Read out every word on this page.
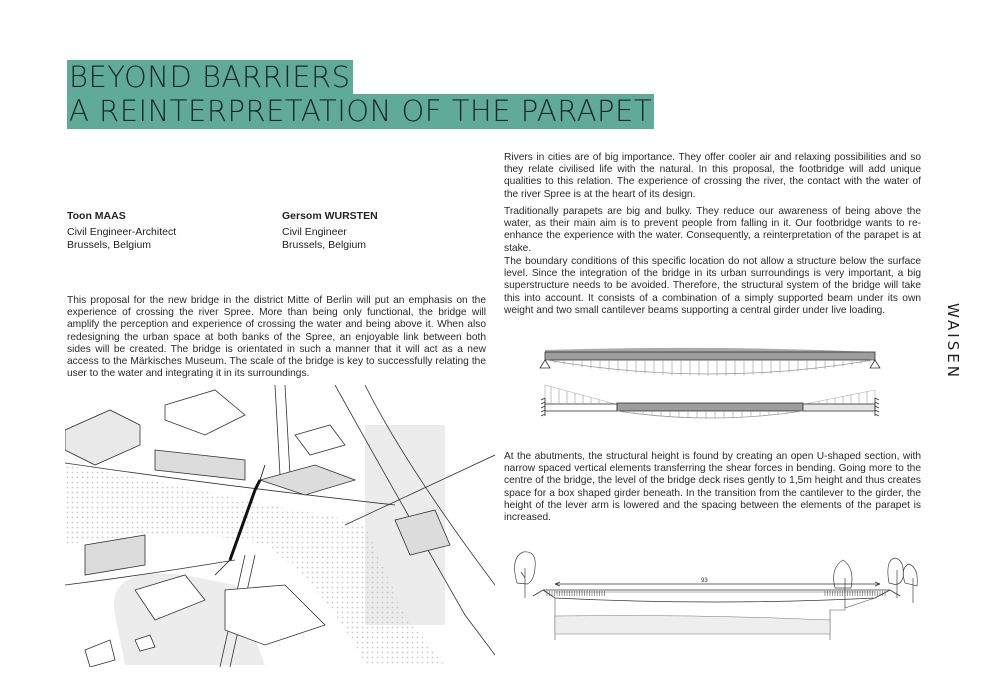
BEYOND BARRIERS
A REINTERPRETATION OF THE PARAPET
Toon MAAS
Civil Engineer-Architect
Brussels, Belgium
Gersom WURSTEN
Civil Engineer
Brussels, Belgium

This proposal for the new bridge in the district Mitte of Berlin will put an emphasis on the experience of crossing the river Spree. More than being only functional, the bridge will amplify the perception and experience of crossing the water and being above it. When also redesigning the urban space at both banks of the Spree, an enjoyable link between both sides will be created. The bridge is orientated in such a manner that it will act as a new access to the Märkisches Museum. The scale of the bridge is key to successfully relating the user to the water and integrating it in its surroundings.

Rivers in cities are of big importance. They offer cooler air and relaxing possibilities and so they relate civilised life with the natural. In this proposal, the footbridge will add unique qualities to this relation. The experience of crossing the river, the contact with the water of the river Spree is at the heart of its design.

Traditionally parapets are big and bulky. They reduce our awareness of being above the water, as their main aim is to prevent people from falling in it. Our footbridge wants to re-enhance the experience with the water. Consequently, a reinterpretation of the parapet is at stake.

The boundary conditions of this specific location do not allow a structure below the surface level. Since the integration of the bridge in its urban surroundings is very important, a big superstructure needs to be avoided. Therefore, the structural system of the bridge will take this into account. It consists of a combination of a simply supported beam under its own weight and two small cantilever beams supporting a central girder under live loading.

At the abutments, the structural height is found by creating an open U-shaped section, with narrow spaced vertical elements transferring the shear forces in bending. Going more to the centre of the bridge, the level of the bridge deck rises gently to 1,5m height and thus creates space for a box shaped girder beneath. In the transition from the cantilever to the girder, the height of the lever arm is lowered and the spacing between the elements of the parapet is increased.

WAISEN
93
